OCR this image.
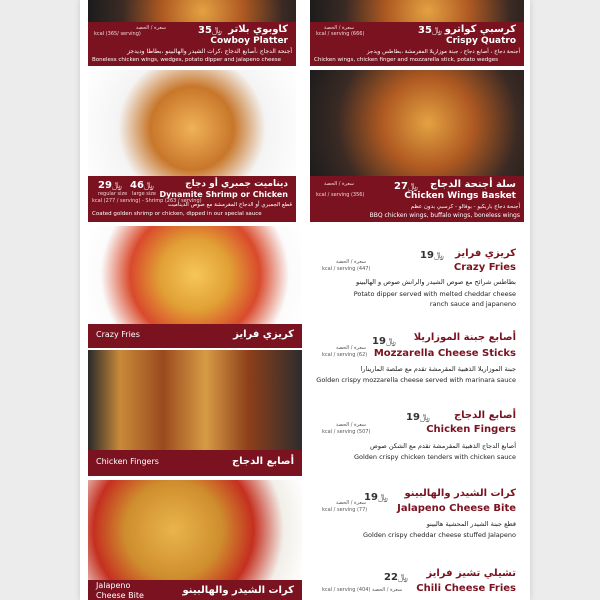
35﷼
سعرة / الحصة
kcal (365/ serving)	كاوبوي بلاتر
Cowboy Platter
أجنحة الدجاج ،أصابع الدجاج ،كرات الشيدر والهالبينو ،بطاطا وديدجز
Boneless chicken wings, wedges, potato dipper and jalapeno cheese
35﷼
سعرة / الحصة
kcal / serving (666)	كرسبي كواترو
Crispy Quatro
أجنحة دجاج ، أصابع دجاج ، جبنة موزاريلا المقرمشة ،بطاطس ويدجز
Chicken wings, chicken finger and mozzarella stick, potato wedges
29﷼
regular size
46﷼
large size
kcal (277 / serving) - Shrimp (263 / serving)
ديناميت جمبري أو دجاج
Dynamite Shrimp or Chicken
قطع الجمبري أو الدجاج المقرمشة مع صوص الديناميت
Coated golden shrimp or chicken, dipped in our special sauce
27﷼
سعرة / الحصة
kcal / serving (356)
سلة أجنحة الدجاج
Chicken Wings Basket
أجنحة دجاج باربكيو - بوفالو - كرسبي بدون عظم
BBQ chicken wings, buffalo wings, boneless wings
Crazy Fries	كريزي فرايز
كريزي فرايز
19﷼
سعرة / الحصة
kcal / serving (447)	Crazy Fries
بطاطس شرائح مع صوص الشيدر والرانش صوص و الهالبينو
Potato dipper served with melted cheddar cheese
ranch sauce and japaneno
أصابع جبنة الموزاريلا
19﷼
سعرة / الحصة
kcal / serving (62) Mozzarella Cheese Sticks
جبنة الموزاريلا الذهبية المقرمشة تقدم مع صلصة المارينارا
Golden crispy mozzarella cheese served with marinara sauce
Chicken Fingers	أصابع الدجاج
أصابع الدجاج
19﷼
سعرة / الحصة
kcal / serving (507)	Chicken Fingers
أصابع الدجاج الذهبية المقرمشة تقدم مع الشكن صوص
Golden crispy chicken tenders with chicken sauce
Jalapeno
Cheese Bite	كرات الشيدر والهالبينو
كرات الشيدر والهالبينو
19﷼
سعرة / الحصة
kcal / serving (77)	Jalapeno Cheese Bite
قطع جبنة الشيدر المحشية هالبينو
Golden crispy cheddar cheese stuffed Jalapeno
تشيلي تشيز فرايز
22﷼
kcal / serving (404) سعرة / الحصة Chili Cheese Fries
